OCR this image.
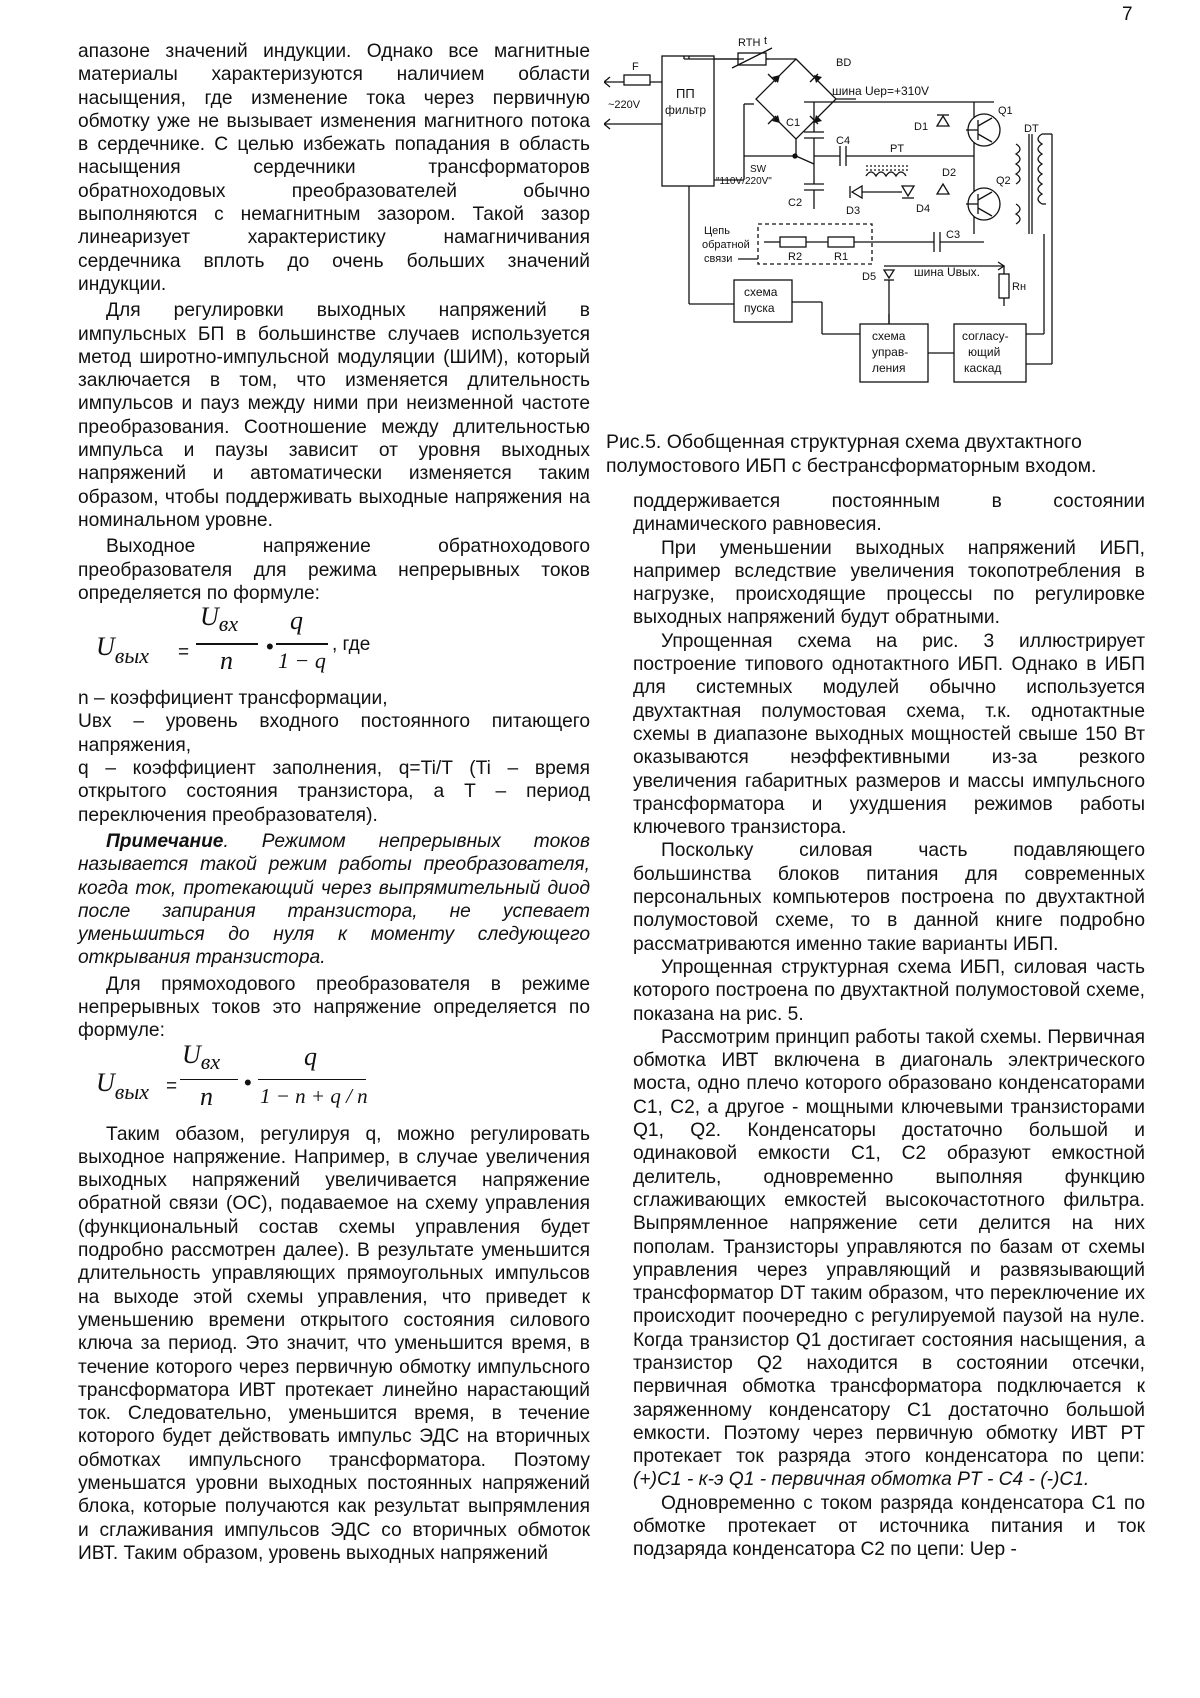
7

апазоне значений индукции. Однако все магнитные материалы характеризуются наличием области насыщения, где изменение тока через первичную обмотку уже не вызывает изменения магнитного потока в сердечнике. С целью избежать попадания в область насыщения сердечники трансформаторов обратноходовых преобразователей обычно выполняются с немагнитным зазором. Такой зазор линеаризует характеристику намагничивания сердечника вплоть до очень больших значений индукции.

Для регулировки выходных напряжений в импульсных БП в большинстве случаев используется метод широтно-импульсной модуляции (ШИМ), который заключается в том, что изменяется длительность импульсов и пауз между ними при неизменной частоте преобразования. Соотношение между длительностью импульса и паузы зависит от уровня выходных напряжений и автоматически изменяется таким образом, чтобы поддерживать выходные напряжения на номинальном уровне.

Выходное напряжение обратноходового преобразователя для режима непрерывных токов определяется по формуле:

$U_{вых}$ =
$U_{вх}$
n •
q
1 − q
, где

n – коэффициент трансформации,

Uвх – уровень входного постоянного питающего напряжения,

q – коэффициент заполнения, q=Ti/T (Ti – время открытого состояния транзистора, а T – период переключения преобразователя).

Примечание. Режимом непрерывных токов называется такой режим работы преобразователя, когда ток, протекающий через выпрямительный диод после запирания транзистора, не успевает уменьшиться до нуля к моменту следующего открывания транзистора.

Для прямоходового преобразователя в режиме непрерывных токов это напряжение определяется по формуле:

$U_{вых}$ =
$U_{вх}$
n •
q
1 − n + q / n

Таким обазом, регулируя q, можно регулировать выходное напряжение. Например, в случае увеличения выходных напряжений увеличивается напряжение обратной связи (ОС), подаваемое на схему управления (функциональный состав схемы управления будет подробно рассмотрен далее). В результате уменьшится длительность управляющих прямоугольных импульсов на выходе этой схемы управления, что приведет к уменьшению времени открытого состояния силового ключа за период. Это значит, что уменьшится время, в течение которого через первичную обмотку импульсного трансформатора ИВТ протекает линейно нарастающий ток. Следовательно, уменьшится время, в течение которого будет действовать импульс ЭДС на вторичных обмотках импульсного трансформатора. Поэтому уменьшатся уровни выходных постоянных напряжений блока, которые получаются как результат выпрямления и сглаживания импульсов ЭДС со вторичных обмоток ИВТ. Таким образом, уровень выходных напряжений

~220V
F
ПП
фильтр
RTH t
BD
шина Uер=+310V
C1
C2
SW
"110V/220V"
C4
PT
D3	D4
D1
Q1
D2
Q2
DT
Цепь
обратной
связи	R2	R1
C3
шина Uвых.
D5
Rн
схема
пуска
схема
управ-
ления
согласу-
ющий
каскад
Рис.5. Обобщенная структурная схема двухтактного
полумостового ИБП с бестрансформаторным входом.

поддерживается постоянным в состоянии динамического равновесия.

При уменьшении выходных напряжений ИБП, например вследствие увеличения токопотребления в нагрузке, происходящие процессы по регулировке выходных напряжений будут обратными.

Упрощенная схема на рис. 3 иллюстрирует построение типового однотактного ИБП. Однако в ИБП для системных модулей обычно используется двухтактная полумостовая схема, т.к. однотактные схемы в диапазоне выходных мощностей свыше 150 Вт оказываются неэффективными из-за резкого увеличения габаритных размеров и массы импульсного трансформатора и ухудшения режимов работы ключевого транзистора.

Поскольку силовая часть подавляющего большинства блоков питания для современных персональных компьютеров построена по двухтактной полумостовой схеме, то в данной книге подробно рассматриваются именно такие варианты ИБП.

Упрощенная структурная схема ИБП, силовая часть которого построена по двухтактной полумостовой схеме, показана на рис. 5.

Рассмотрим принцип работы такой схемы. Первичная обмотка ИВТ включена в диагональ электрического моста, одно плечо которого образовано конденсаторами C1, C2, а другое - мощными ключевыми транзисторами Q1, Q2. Конденсаторы достаточно большой и одинаковой емкости C1, C2 образуют емкостной делитель, одновременно выполняя функцию сглаживающих емкостей высокочастотного фильтра. Выпрямленное напряжение сети делится на них пополам. Транзисторы управляются по базам от схемы управления через управляющий и развязывающий трансформатор DT таким образом, что переключение их происходит поочередно с регулируемой паузой на нуле. Когда транзистор Q1 достигает состояния насыщения, а транзистор Q2 находится в состоянии отсечки, первичная обмотка трансформатора подключается к заряженному конденсатору C1 достаточно большой емкости. Поэтому через первичную обмотку ИВТ PT протекает ток разряда этого конденсатора по цепи: (+)C1 - к-э Q1 - первичная обмотка PT - C4 - (-)C1.

Одновременно с током разряда конденсатора C1 по обмотке протекает от источника питания и ток подзаряда конденсатора C2 по цепи: Uер -
